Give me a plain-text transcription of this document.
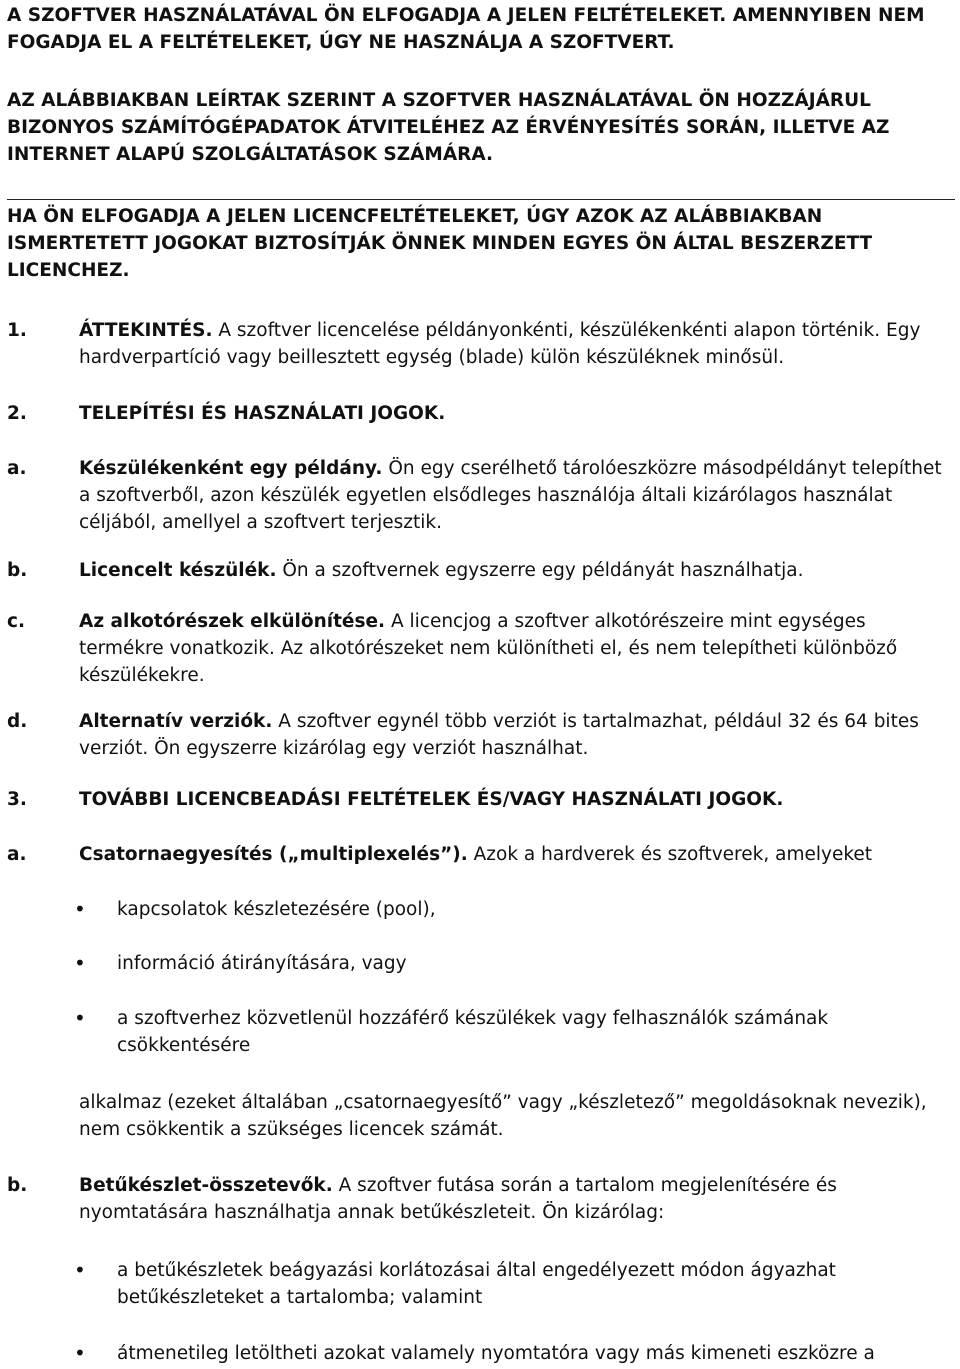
A SZOFTVER HASZNÁLATÁVAL ÖN ELFOGADJA A JELEN FELTÉTELEKET. AMENNYIBEN NEM FOGADJA EL A FELTÉTELEKET, ÚGY NE HASZNÁLJA A SZOFTVERT.

AZ ALÁBBIAKBAN LEÍRTAK SZERINT A SZOFTVER HASZNÁLATÁVAL ÖN HOZZÁJÁRUL BIZONYOS SZÁMÍTÓGÉPADATOK ÁTVITELÉHEZ AZ ÉRVÉNYESÍTÉS SORÁN, ILLETVE AZ INTERNET ALAPÚ SZOLGÁLTATÁSOK SZÁMÁRA.

HA ÖN ELFOGADJA A JELEN LICENCFELTÉTELEKET, ÚGY AZOK AZ ALÁBBIAKBAN ISMERTETETT JOGOKAT BIZTOSÍTJÁK ÖNNEK MINDEN EGYES ÖN ÁLTAL BESZERZETT LICENCHEZ.

1.	ÁTTEKINTÉS. A szoftver licencelése példányonkénti, készülékenkénti alapon történik. Egy hardverpartíció vagy beillesztett egység (blade) külön készüléknek minősül.
2.	TELEPÍTÉSI ÉS HASZNÁLATI JOGOK.
a.	Készülékenként egy példány. Ön egy cserélhető tárolóeszközre másodpéldányt telepíthet a szoftverből, azon készülék egyetlen elsődleges használója általi kizárólagos használat céljából, amellyel a szoftvert terjesztik.
b.	Licencelt készülék. Ön a szoftvernek egyszerre egy példányát használhatja.
c.	Az alkotórészek elkülönítése. A licencjog a szoftver alkotórészeire mint egységes termékre vonatkozik. Az alkotórészeket nem különítheti el, és nem telepítheti különböző készülékekre.
d.	Alternatív verziók. A szoftver egynél több verziót is tartalmazhat, például 32 és 64 bites verziót. Ön egyszerre kizárólag egy verziót használhat.
3.	TOVÁBBI LICENCBEADÁSI FELTÉTELEK ÉS/VAGY HASZNÁLATI JOGOK.
a.	Csatornaegyesítés („multiplexelés”). Azok a hardverek és szoftverek, amelyeket
• kapcsolatok készletezésére (pool),

• információ átirányítására, vagy

• a szoftverhez közvetlenül hozzáférő készülékek vagy felhasználók számának csökkentésére

alkalmaz (ezeket általában „csatornaegyesítő” vagy „készletező” megoldásoknak nevezik), nem csökkentik a szükséges licencek számát.

b.	Betűkészlet-összetevők. A szoftver futása során a tartalom megjelenítésére és nyomtatására használhatja annak betűkészleteit. Ön kizárólag:
• a betűkészletek beágyazási korlátozásai által engedélyezett módon ágyazhat betűkészleteket a tartalomba; valamint

• átmenetileg letöltheti azokat valamely nyomtatóra vagy más kimeneti eszközre a
